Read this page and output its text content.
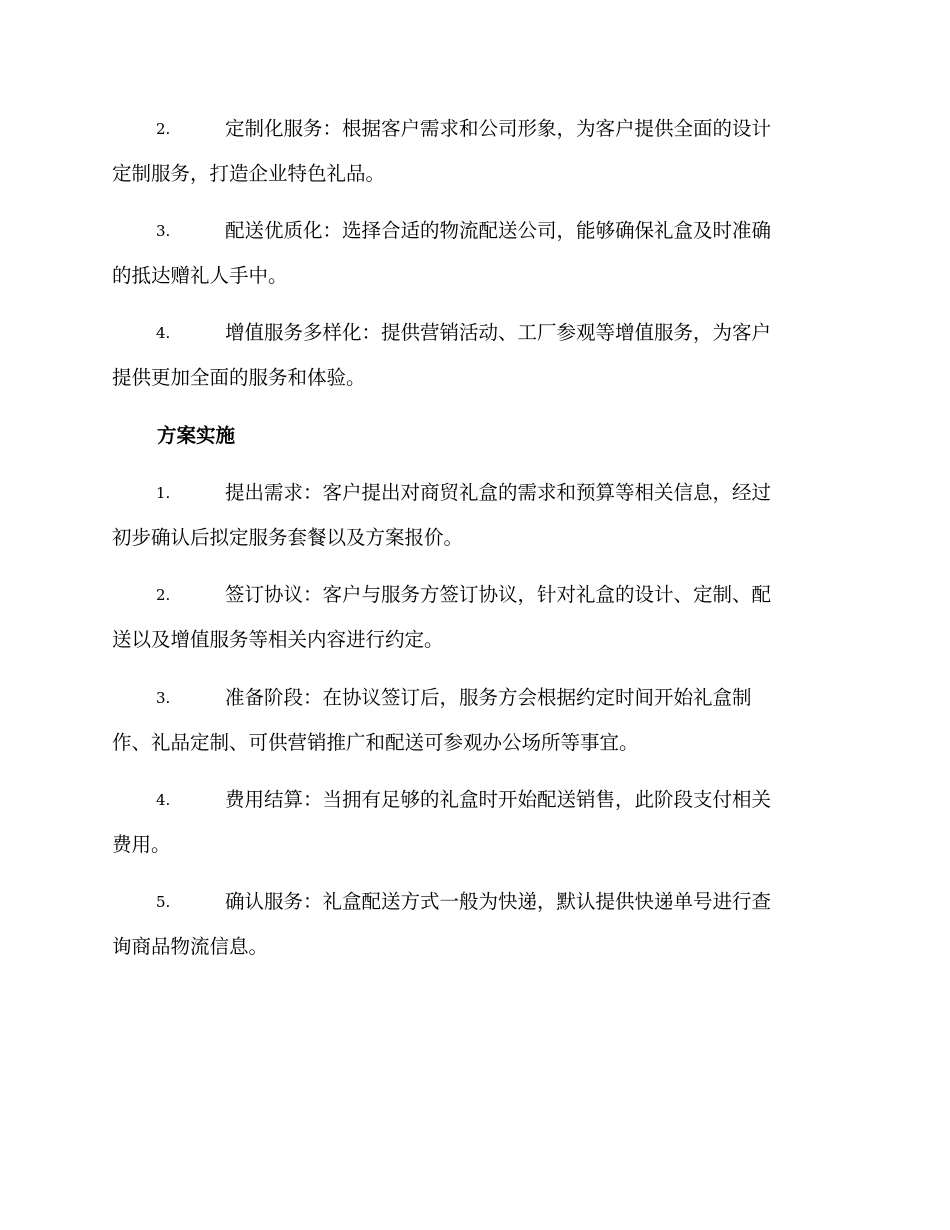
2.	定制化服务：根据客户需求和公司形象，为客户提供全面的设计
定制服务，打造企业特色礼品。
3.	配送优质化：选择合适的物流配送公司，能够确保礼盒及时准确
的抵达赠礼人手中。
4.	增值服务多样化：提供营销活动、工厂参观等增值服务，为客户
提供更加全面的服务和体验。
方案实施
1.	提出需求：客户提出对商贸礼盒的需求和预算等相关信息，经过
初步确认后拟定服务套餐以及方案报价。
2.	签订协议：客户与服务方签订协议，针对礼盒的设计、定制、配
送以及增值服务等相关内容进行约定。
3.	准备阶段：在协议签订后，服务方会根据约定时间开始礼盒制
作、礼品定制、可供营销推广和配送可参观办公场所等事宜。
4.	费用结算：当拥有足够的礼盒时开始配送销售，此阶段支付相关
费用。
5.	确认服务：礼盒配送方式一般为快递，默认提供快递单号进行查
询商品物流信息。
